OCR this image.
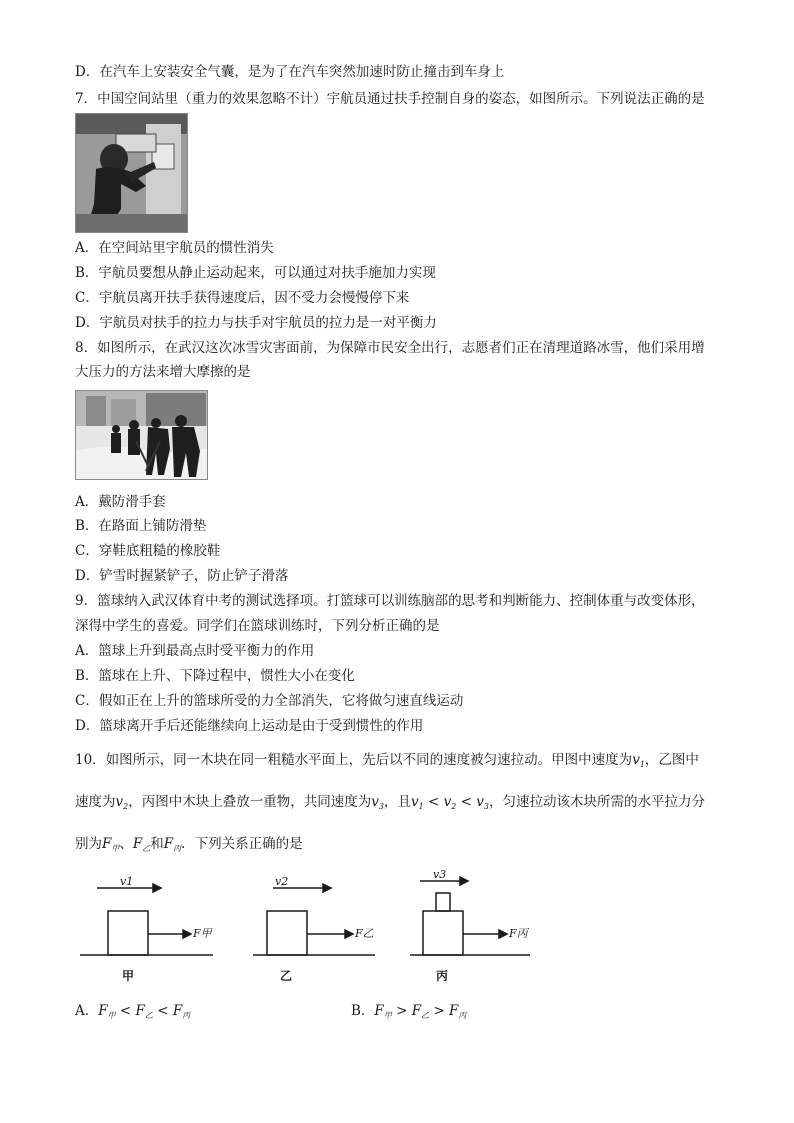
D．在汽车上安装安全气囊，是为了在汽车突然加速时防止撞击到车身上
7．中国空间站里（重力的效果忽略不计）宇航员通过扶手控制自身的姿态，如图所示。下列说法正确的是
A．在空间站里宇航员的惯性消失
B．宇航员要想从静止运动起来，可以通过对扶手施加力实现
C．宇航员离开扶手获得速度后，因不受力会慢慢停下来
D．宇航员对扶手的拉力与扶手对宇航员的拉力是一对平衡力
8．如图所示，在武汉这次冰雪灾害面前，为保障市民安全出行，志愿者们正在清理道路冰雪，他们采用增
大压力的方法来增大摩擦的是
A．戴防滑手套
B．在路面上铺防滑垫
C．穿鞋底粗糙的橡胶鞋
D．铲雪时握紧铲子，防止铲子滑落
9．篮球纳入武汉体育中考的测试选择项。打篮球可以训练脑部的思考和判断能力、控制体重与改变体形，
深得中学生的喜爱。同学们在篮球训练时，下列分析正确的是
A．篮球上升到最高点时受平衡力的作用
B．篮球在上升、下降过程中，惯性大小在变化
C．假如正在上升的篮球所受的力全部消失，它将做匀速直线运动
D．篮球离开手后还能继续向上运动是由于受到惯性的作用
10．如图所示，同一木块在同一粗糙水平面上，先后以不同的速度被匀速拉动。甲图中速度为$v_1$，乙图中
速度为$v_2$，丙图中木块上叠放一重物，共同速度为$v_3$，且$v_1 < v_2 < v_3$，匀速拉动该木块所需的水平拉力分
别为$F_甲$、$F_乙$和$F_丙$．下列关系正确的是
v1	v2
v3
F甲	F乙	F丙
甲	乙	丙
A．$F_甲 < F_乙 < F_丙$	B．$F_甲 > F_乙 > F_丙$
